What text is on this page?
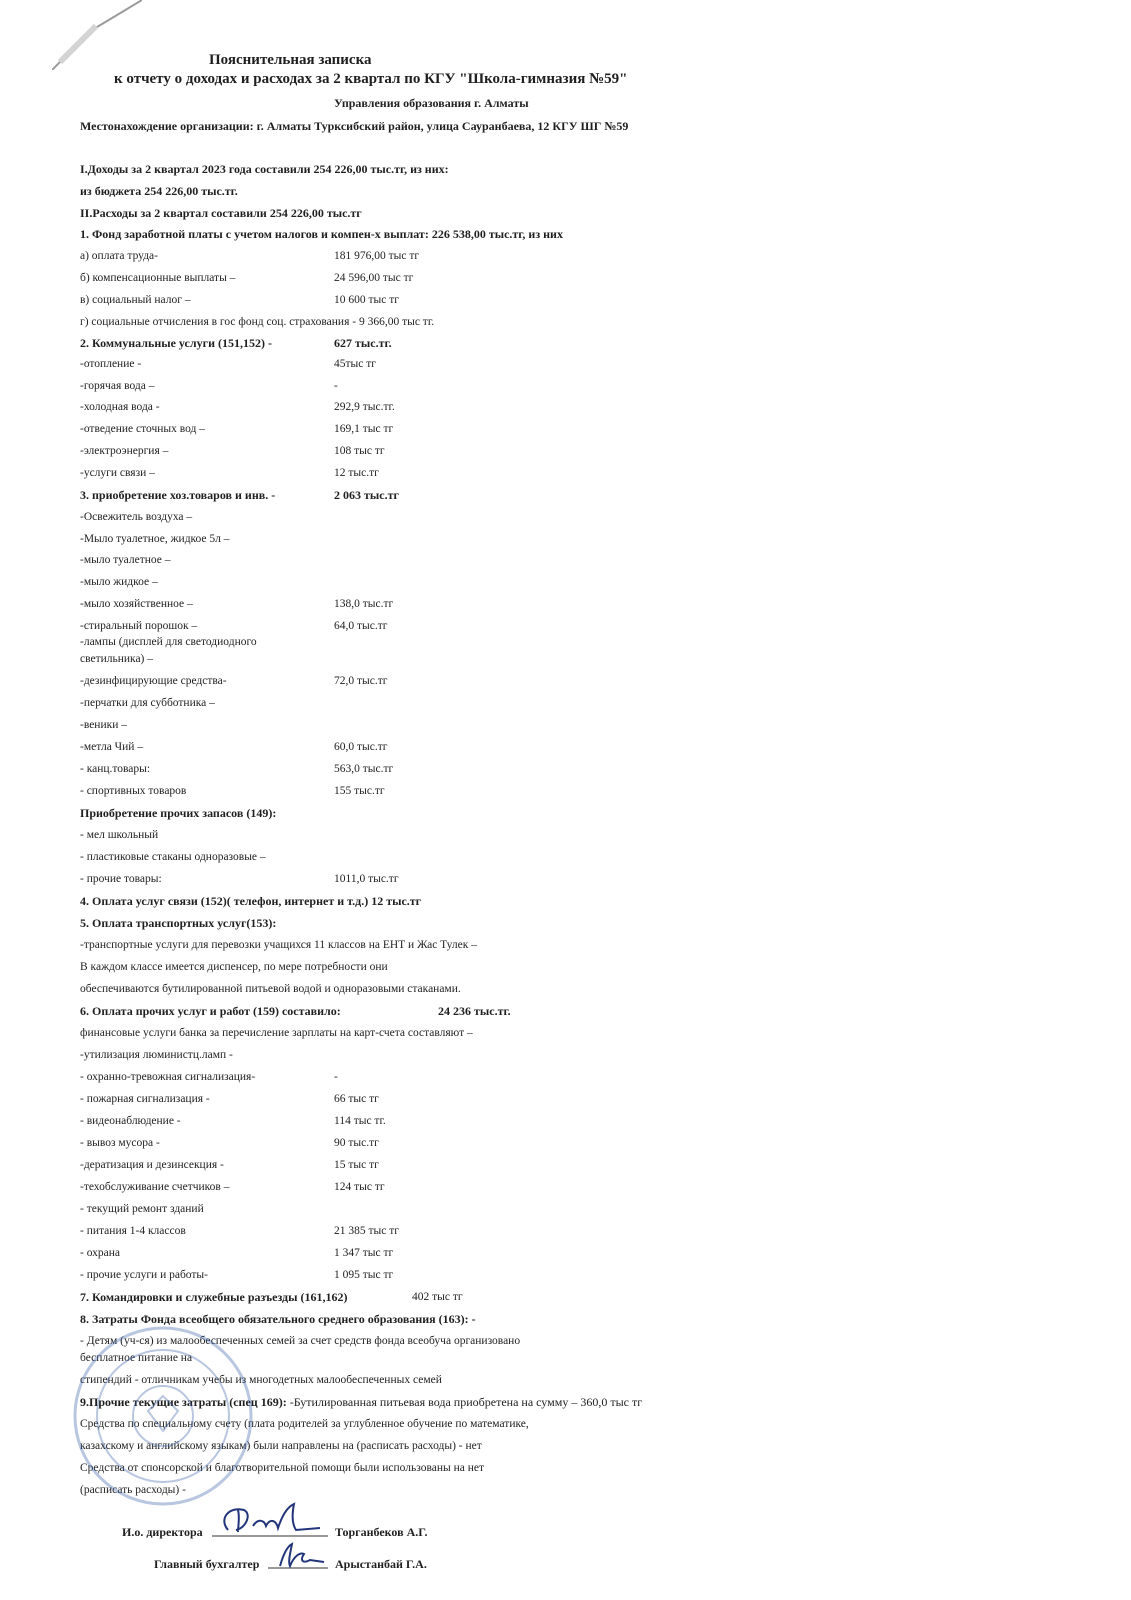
Пояснительная записка
к отчету о доходах и расходах за 2 квартал по КГУ "Школа-гимназия №59"
Управления образования г. Алматы
Местонахождение организации: г. Алматы Турксибский район, улица Сауранбаева, 12 КГУ ШГ №59
I.Доходы за 2 квартал 2023 года составили 254 226,00 тыс.тг, из них:
из бюджета 254 226,00 тыс.тг.
II.Расходы за 2 квартал составили 254 226,00 тыс.тг
1. Фонд заработной платы с учетом налогов и компен-х выплат: 226 538,00 тыс.тг, из них
а) оплата труда-	181 976,00 тыс тг
б) компенсационные выплаты –	24 596,00 тыс тг
в) социальный налог –	10 600 тыс тг
г) социальные отчисления в гос фонд соц. страхования - 9 366,00 тыс тг.
2. Коммунальные услуги (151,152) -	627 тыс.тг.
-отопление -	45тыс тг
-горячая вода –	-
-холодная вода -	292,9 тыс.тг.
-отведение сточных вод –	169,1 тыс тг
-электроэнергия –	108 тыс тг
-услуги связи –	12 тыс.тг
3. приобретение хоз.товаров и инв. -	2 063 тыс.тг
-Освежитель воздуха –
-Мыло туалетное, жидкое 5л –
-мыло туалетное –
-мыло жидкое –
-мыло хозяйственное –	138,0 тыс.тг
-стиральный порошок –	64,0 тыс.тг
-лампы (дисплей для светодиодного
светильника) –
-дезинфицирующие средства-	72,0 тыс.тг
-перчатки для субботника –
-веники –
-метла Чий –	60,0 тыс.тг
- канц.товары:	563,0 тыс.тг
- спортивных товаров	155 тыс.тг
Приобретение прочих запасов (149):
- мел школьный
- пластиковые стаканы одноразовые –
- прочие товары:	1011,0 тыс.тг
4. Оплата услуг связи (152)( телефон, интернет и т.д.) 12 тыс.тг
5. Оплата транспортных услуг(153):
-транспортные услуги для перевозки учащихся 11 классов на ЕНТ и Жас Тулек –
В каждом классе имеется диспенсер, по мере потребности они
обеспечиваются бутилированной питьевой водой и одноразовыми стаканами.
6. Оплата прочих услуг и работ (159) составило:	24 236 тыс.тг.
финансовые услуги банка за перечисление зарплаты на карт-счета составляют –
-утилизация люминистц.ламп -
- охранно-тревожная сигнализация-	-
- пожарная сигнализация -	66 тыс тг
- видеонаблюдение -	114 тыс тг.
- вывоз мусора -	90 тыс.тг
-дератизация и дезинсекция -	15 тыс тг
-техобслуживание счетчиков –	124 тыс тг
- текущий ремонт зданий
- питания 1-4 классов	21 385 тыс тг
- охрана	1 347 тыс тг
- прочие услуги и работы-	1 095 тыс тг
7. Командировки и служебные разъезды (161,162)	402 тыс тг
8. Затраты Фонда всеобщего обязательного среднего образования (163): -
- Детям (уч-ся) из малообеспеченных семей за счет средств фонда всеобуча организовано
бесплатное питание на
стипендий - отличникам учебы из многодетных малообеспеченных семей
9.Прочие текущие затраты (спец 169): -Бутилированная питьевая вода приобретена на сумму – 360,0 тыс тг
Средства по специальному счету (плата родителей за углубленное обучение по математике,
казахскому и английскому языкам) были направлены на (расписать расходы) - нет
Средства от спонсорской и благотворительной помощи были использованы на нет
(расписать расходы) -
И.о. директора	Торганбеков А.Г.
Главный бухгалтер	Арыстанбай Г.А.
